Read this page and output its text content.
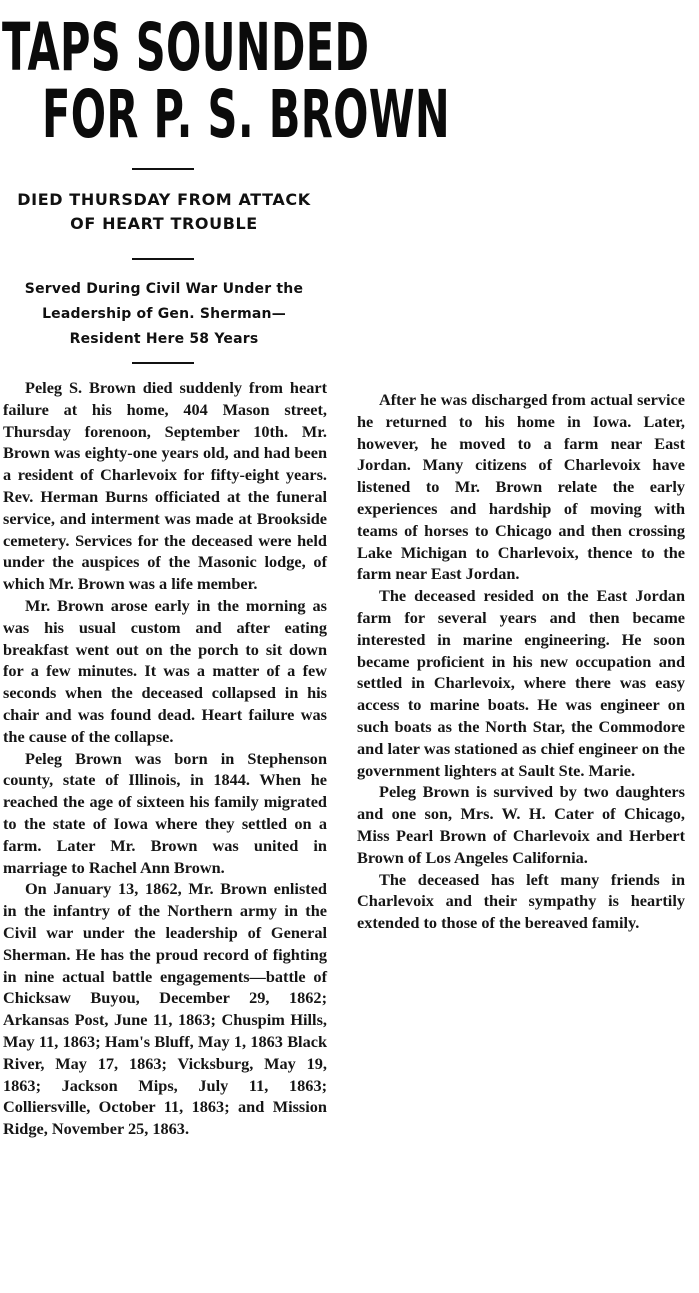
TAPS SOUNDED
FOR P. S. BROWN
DIED THURSDAY FROM ATTACK
OF HEART TROUBLE
Served During Civil War Under the
Leadership of Gen. Sherman—
Resident Here 58 Years

Peleg S. Brown died suddenly from heart failure at his home, 404 Mason street, Thursday forenoon, September 10th. Mr. Brown was eighty-one years old, and had been a resident of Charlevoix for fifty-eight years. Rev. Herman Burns officiated at the funeral service, and interment was made at Brookside cemetery. Services for the deceased were held under the auspices of the Masonic lodge, of which Mr. Brown was a life member.

Mr. Brown arose early in the morning as was his usual custom and after eating breakfast went out on the porch to sit down for a few minutes. It was a matter of a few seconds when the deceased collapsed in his chair and was found dead. Heart failure was the cause of the collapse.

Peleg Brown was born in Stephenson county, state of Illinois, in 1844. When he reached the age of sixteen his family migrated to the state of Iowa where they settled on a farm. Later Mr. Brown was united in marriage to Rachel Ann Brown.

On January 13, 1862, Mr. Brown enlisted in the infantry of the Northern army in the Civil war under the leadership of General Sherman. He has the proud record of fighting in nine actual battle engagements—battle of Chicksaw Buyou, December 29, 1862; Arkansas Post, June 11, 1863; Chuspim Hills, May 11, 1863; Ham's Bluff, May 1, 1863 Black River, May 17, 1863; Vicksburg, May 19, 1863; Jackson Mips, July 11, 1863; Colliersville, October 11, 1863; and Mission Ridge, November 25, 1863.

After he was discharged from actual service he returned to his home in Iowa. Later, however, he moved to a farm near East Jordan. Many citizens of Charlevoix have listened to Mr. Brown relate the early experiences and hardship of moving with teams of horses to Chicago and then crossing Lake Michigan to Charlevoix, thence to the farm near East Jordan.

The deceased resided on the East Jordan farm for several years and then became interested in marine engineering. He soon became proficient in his new occupation and settled in Charlevoix, where there was easy access to marine boats. He was engineer on such boats as the North Star, the Commodore and later was stationed as chief engineer on the government lighters at Sault Ste. Marie.

Peleg Brown is survived by two daughters and one son, Mrs. W. H. Cater of Chicago, Miss Pearl Brown of Charlevoix and Herbert Brown of Los Angeles California.

The deceased has left many friends in Charlevoix and their sympathy is heartily extended to those of the bereaved family.
